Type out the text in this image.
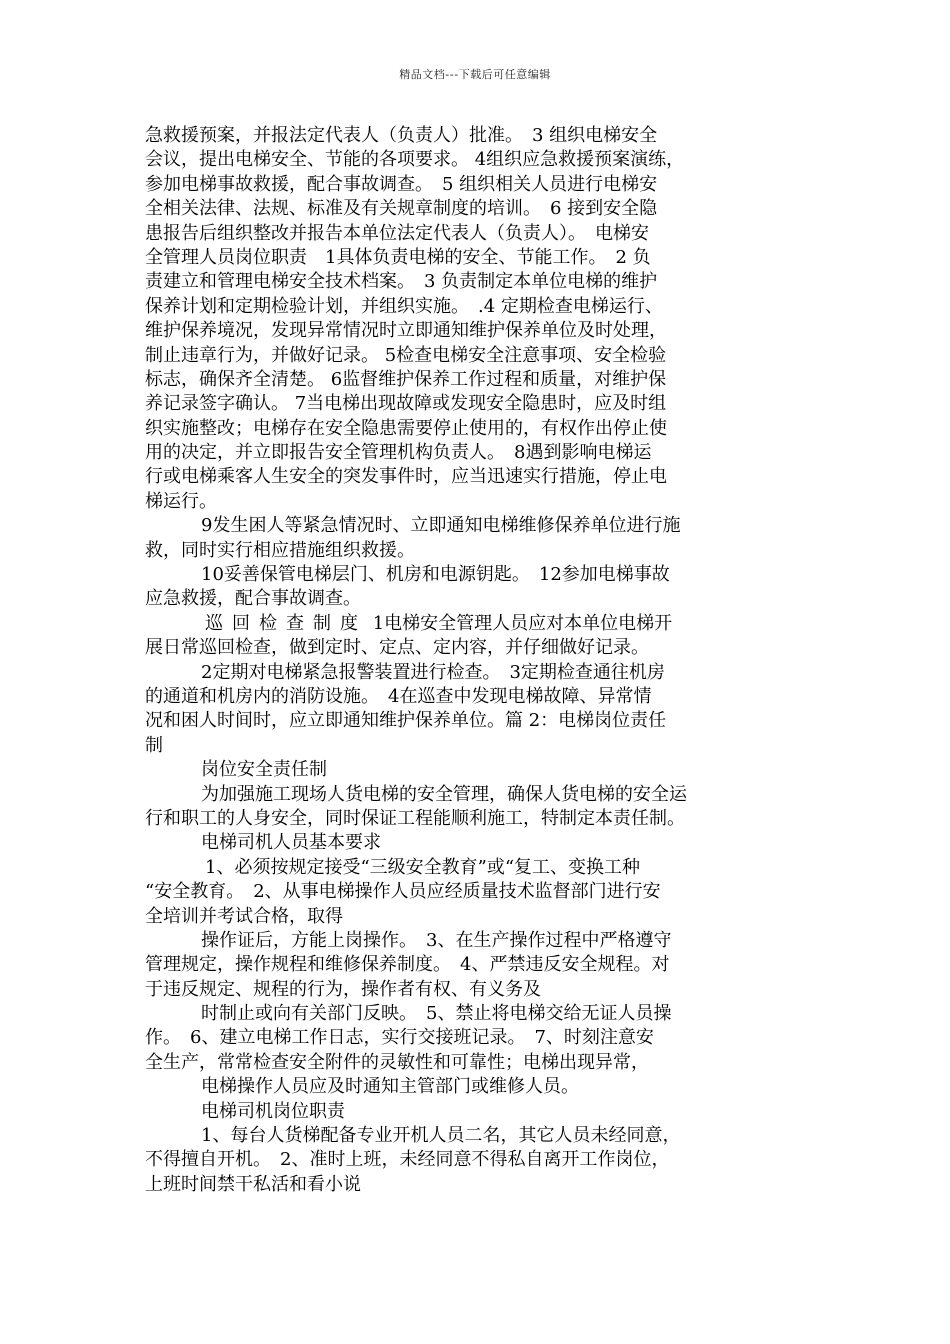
精品文档---下载后可任意编辑
急救援预案，并报法定代表人（负责人）批准。　3 组织电梯安全
会议，提出电梯安全、节能的各项要求。 4组织应急救援预案演练，
参加电梯事故救援，配合事故调查。　5 组织相关人员进行电梯安
全相关法律、法规、标准及有关规章制度的培训。　6 接到安全隐
患报告后组织整改并报告本单位法定代表人（负责人）。　电梯安
全管理人员岗位职责　1具体负责电梯的安全、节能工作。　2 负
责建立和管理电梯安全技术档案。　3 负责制定本单位电梯的维护
保养计划和定期检验计划，并组织实施。　.4 定期检查电梯运行、
维护保养境况，发现异常情况时立即通知维护保养单位及时处理，
制止违章行为，并做好记录。 5检查电梯安全注意事项、安全检验
标志，确保齐全清楚。 6监督维护保养工作过程和质量，对维护保
养记录签字确认。 7当电梯出现故障或发现安全隐患时，应及时组
织实施整改；电梯存在安全隐患需要停止使用的，有权作出停止使
用的决定，并立即报告安全管理机构负责人。　8遇到影响电梯运
行或电梯乘客人生安全的突发事件时，应当迅速实行措施，停止电
梯运行。
9发生困人等紧急情况时、立即通知电梯维修保养单位进行施
救，同时实行相应措施组织救援。
10妥善保管电梯层门、机房和电源钥匙。　12参加电梯事故
应急救援，配合事故调查。
巡回检查制度 1电梯安全管理人员应对本单位电梯开
展日常巡回检查，做到定时、定点、定内容，并仔细做好记录。
2定期对电梯紧急报警装置进行检查。　3定期检查通往机房
的通道和机房内的消防设施。　4在巡查中发现电梯故障、异常情
况和困人时间时，应立即通知维护保养单位。篇 2：电梯岗位责任
制
岗位安全责任制
为加强施工现场人货电梯的安全管理，确保人货电梯的安全运
行和职工的人身安全，同时保证工程能顺利施工，特制定本责任制。
电梯司机人员基本要求
1、必须按规定接受“三级安全教育”或“复工、变换工种
“安全教育。　2、从事电梯操作人员应经质量技术监督部门进行安
全培训并考试合格，取得
操作证后，方能上岗操作。　3、在生产操作过程中严格遵守
管理规定，操作规程和维修保养制度。　4、严禁违反安全规程。对
于违反规定、规程的行为，操作者有权、有义务及
时制止或向有关部门反映。　5、禁止将电梯交给无证人员操
作。　6、建立电梯工作日志，实行交接班记录。　7、时刻注意安
全生产，常常检查安全附件的灵敏性和可靠性；电梯出现异常，
电梯操作人员应及时通知主管部门或维修人员。
电梯司机岗位职责
1、每台人货梯配备专业开机人员二名，其它人员未经同意，
不得擅自开机。　2、准时上班，未经同意不得私自离开工作岗位，
上班时间禁干私活和看小说
